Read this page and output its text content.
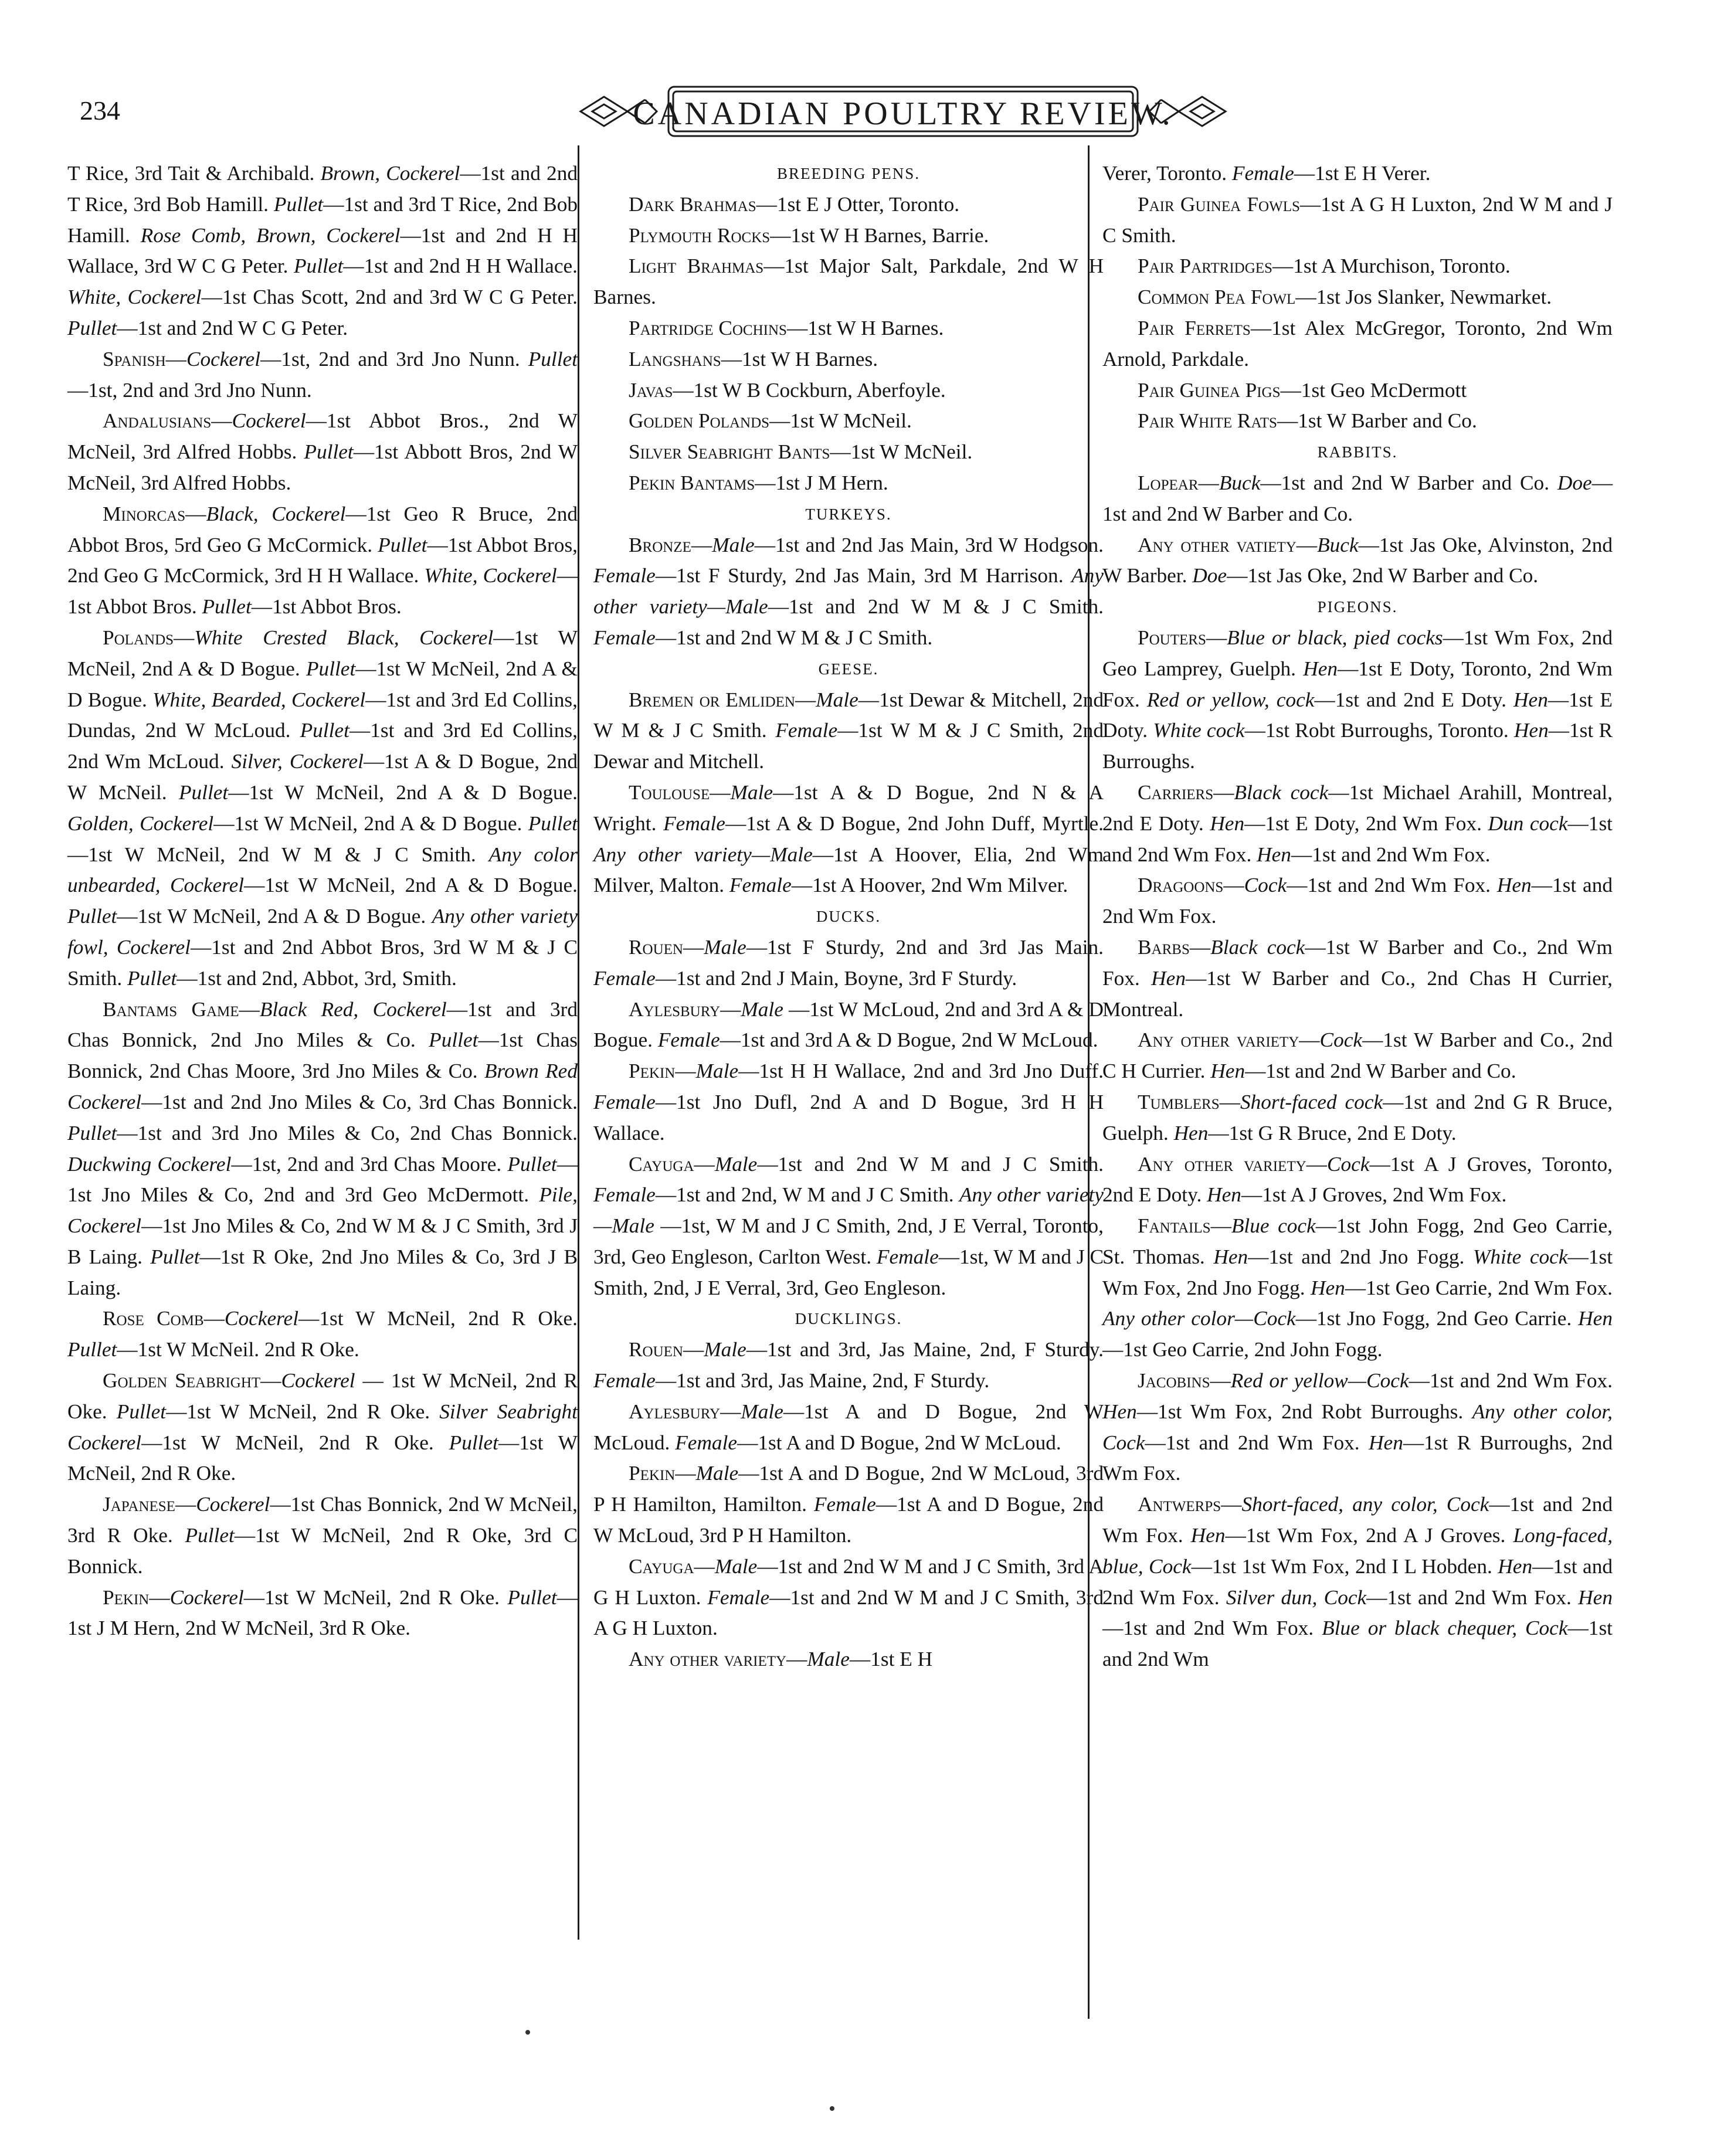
234	CANADIAN POULTRY REVIEW.

T Rice, 3rd Tait & Archibald. Brown, Cockerel—1st and 2nd T Rice, 3rd Bob Hamill. Pullet—1st and 3rd T Rice, 2nd Bob Hamill. Rose Comb, Brown, Cockerel—1st and 2nd H H Wallace, 3rd W C G Peter. Pullet—1st and 2nd H H Wallace. White, Cockerel—1st Chas Scott, 2nd and 3rd W C G Peter. Pullet—1st and 2nd W C G Peter.

Spanish—Cockerel—1st, 2nd and 3rd Jno Nunn. Pullet—1st, 2nd and 3rd Jno Nunn.

Andalusians—Cockerel—1st Abbot Bros., 2nd W McNeil, 3rd Alfred Hobbs. Pullet—1st Abbott Bros, 2nd W McNeil, 3rd Alfred Hobbs.

Minorcas—Black, Cockerel—1st Geo R Bruce, 2nd Abbot Bros, 5rd Geo G McCormick. Pullet—1st Abbot Bros, 2nd Geo G McCormick, 3rd H H Wallace. White, Cockerel—1st Abbot Bros. Pullet—1st Abbot Bros.

Polands—White Crested Black, Cockerel—1st W McNeil, 2nd A & D Bogue. Pullet—1st W McNeil, 2nd A & D Bogue. White, Bearded, Cockerel—1st and 3rd Ed Collins, Dundas, 2nd W McLoud. Pullet—1st and 3rd Ed Collins, 2nd Wm McLoud. Silver, Cockerel—1st A & D Bogue, 2nd W McNeil. Pullet—1st W McNeil, 2nd A & D Bogue. Golden, Cockerel—1st W McNeil, 2nd A & D Bogue. Pullet—1st W McNeil, 2nd W M & J C Smith. Any color unbearded, Cockerel—1st W McNeil, 2nd A & D Bogue. Pullet—1st W McNeil, 2nd A & D Bogue. Any other variety fowl, Cockerel—1st and 2nd Abbot Bros, 3rd W M & J C Smith. Pullet—1st and 2nd, Abbot, 3rd, Smith.

Bantams Game—Black Red, Cockerel—1st and 3rd Chas Bonnick, 2nd Jno Miles & Co. Pullet—1st Chas Bonnick, 2nd Chas Moore, 3rd Jno Miles & Co. Brown Red Cockerel—1st and 2nd Jno Miles & Co, 3rd Chas Bonnick. Pullet—1st and 3rd Jno Miles & Co, 2nd Chas Bonnick. Duckwing Cockerel—1st, 2nd and 3rd Chas Moore. Pullet—1st Jno Miles & Co, 2nd and 3rd Geo McDermott. Pile, Cockerel—1st Jno Miles & Co, 2nd W M & J C Smith, 3rd J B Laing. Pullet—1st R Oke, 2nd Jno Miles & Co, 3rd J B Laing.

Rose Comb—Cockerel—1st W McNeil, 2nd R Oke. Pullet—1st W McNeil. 2nd R Oke.

Golden Seabright—Cockerel — 1st W McNeil, 2nd R Oke. Pullet—1st W McNeil, 2nd R Oke. Silver Seabright Cockerel—1st W McNeil, 2nd R Oke. Pullet—1st W McNeil, 2nd R Oke.

Japanese—Cockerel—1st Chas Bonnick, 2nd W McNeil, 3rd R Oke. Pullet—1st W McNeil, 2nd R Oke, 3rd C Bonnick.

Pekin—Cockerel—1st W McNeil, 2nd R Oke. Pullet—1st J M Hern, 2nd W McNeil, 3rd R Oke.

BREEDING PENS.

Dark Brahmas—1st E J Otter, Toronto.

Plymouth Rocks—1st W H Barnes, Barrie.

Light Brahmas—1st Major Salt, Parkdale, 2nd W H Barnes.

Partridge Cochins—1st W H Barnes.

Langshans—1st W H Barnes.

Javas—1st W B Cockburn, Aberfoyle.

Golden Polands—1st W McNeil.

Silver Seabright Bants—1st W McNeil.

Pekin Bantams—1st J M Hern.

TURKEYS.

Bronze—Male—1st and 2nd Jas Main, 3rd W Hodgson. Female—1st F Sturdy, 2nd Jas Main, 3rd M Harrison. Any other variety—Male—1st and 2nd W M & J C Smith. Female—1st and 2nd W M & J C Smith.

GEESE.

Bremen or Emliden—Male—1st Dewar & Mitchell, 2nd W M & J C Smith. Female—1st W M & J C Smith, 2nd Dewar and Mitchell.

Toulouse—Male—1st A & D Bogue, 2nd N & A Wright. Female—1st A & D Bogue, 2nd John Duff, Myrtle. Any other variety—Male—1st A Hoover, Elia, 2nd Wm Milver, Malton. Female—1st A Hoover, 2nd Wm Milver.

DUCKS.

Rouen—Male—1st F Sturdy, 2nd and 3rd Jas Main. Female—1st and 2nd J Main, Boyne, 3rd F Sturdy.

Aylesbury—Male —1st W McLoud, 2nd and 3rd A & D Bogue. Female—1st and 3rd A & D Bogue, 2nd W McLoud.

Pekin—Male—1st H H Wallace, 2nd and 3rd Jno Duff. Female—1st Jno Dufl, 2nd A and D Bogue, 3rd H H Wallace.

Cayuga—Male—1st and 2nd W M and J C Smith. Female—1st and 2nd, W M and J C Smith. Any other variety—Male —1st, W M and J C Smith, 2nd, J E Verral, Toronto, 3rd, Geo Engleson, Carlton West. Female—1st, W M and J C Smith, 2nd, J E Verral, 3rd, Geo Engleson.

DUCKLINGS.

Rouen—Male—1st and 3rd, Jas Maine, 2nd, F Sturdy. Female—1st and 3rd, Jas Maine, 2nd, F Sturdy.

Aylesbury—Male—1st A and D Bogue, 2nd W McLoud. Female—1st A and D Bogue, 2nd W McLoud.

Pekin—Male—1st A and D Bogue, 2nd W McLoud, 3rd P H Hamilton, Hamilton. Female—1st A and D Bogue, 2nd W McLoud, 3rd P H Hamilton.

Cayuga—Male—1st and 2nd W M and J C Smith, 3rd A G H Luxton. Female—1st and 2nd W M and J C Smith, 3rd A G H Luxton.

Any other variety—Male—1st E H

Verer, Toronto. Female—1st E H Verer.

Pair Guinea Fowls—1st A G H Luxton, 2nd W M and J C Smith.

Pair Partridges—1st A Murchison, Toronto.

Common Pea Fowl—1st Jos Slanker, Newmarket.

Pair Ferrets—1st Alex McGregor, Toronto, 2nd Wm Arnold, Parkdale.

Pair Guinea Pigs—1st Geo McDermott

Pair White Rats—1st W Barber and Co.

RABBITS.

Lopear—Buck—1st and 2nd W Barber and Co. Doe—1st and 2nd W Barber and Co.

Any other vatiety—Buck—1st Jas Oke, Alvinston, 2nd W Barber. Doe—1st Jas Oke, 2nd W Barber and Co.

PIGEONS.

Pouters—Blue or black, pied cocks—1st Wm Fox, 2nd Geo Lamprey, Guelph. Hen—1st E Doty, Toronto, 2nd Wm Fox. Red or yellow, cock—1st and 2nd E Doty. Hen—1st E Doty. White cock—1st Robt Burroughs, Toronto. Hen—1st R Burroughs.

Carriers—Black cock—1st Michael Arahill, Montreal, 2nd E Doty. Hen—1st E Doty, 2nd Wm Fox. Dun cock—1st and 2nd Wm Fox. Hen—1st and 2nd Wm Fox.

Dragoons—Cock—1st and 2nd Wm Fox. Hen—1st and 2nd Wm Fox.

Barbs—Black cock—1st W Barber and Co., 2nd Wm Fox. Hen—1st W Barber and Co., 2nd Chas H Currier, Montreal.

Any other variety—Cock—1st W Barber and Co., 2nd C H Currier. Hen—1st and 2nd W Barber and Co.

Tumblers—Short-faced cock—1st and 2nd G R Bruce, Guelph. Hen—1st G R Bruce, 2nd E Doty.

Any other variety—Cock—1st A J Groves, Toronto, 2nd E Doty. Hen—1st A J Groves, 2nd Wm Fox.

Fantails—Blue cock—1st John Fogg, 2nd Geo Carrie, St. Thomas. Hen—1st and 2nd Jno Fogg. White cock—1st Wm Fox, 2nd Jno Fogg. Hen—1st Geo Carrie, 2nd Wm Fox. Any other color—Cock—1st Jno Fogg, 2nd Geo Carrie. Hen—1st Geo Carrie, 2nd John Fogg.

Jacobins—Red or yellow—Cock—1st and 2nd Wm Fox. Hen—1st Wm Fox, 2nd Robt Burroughs. Any other color, Cock—1st and 2nd Wm Fox. Hen—1st R Burroughs, 2nd Wm Fox.

Antwerps—Short-faced, any color, Cock—1st and 2nd Wm Fox. Hen—1st Wm Fox, 2nd A J Groves. Long-faced, blue, Cock—1st 1st Wm Fox, 2nd I L Hobden. Hen—1st and 2nd Wm Fox. Silver dun, Cock—1st and 2nd Wm Fox. Hen—1st and 2nd Wm Fox. Blue or black chequer, Cock—1st and 2nd Wm
